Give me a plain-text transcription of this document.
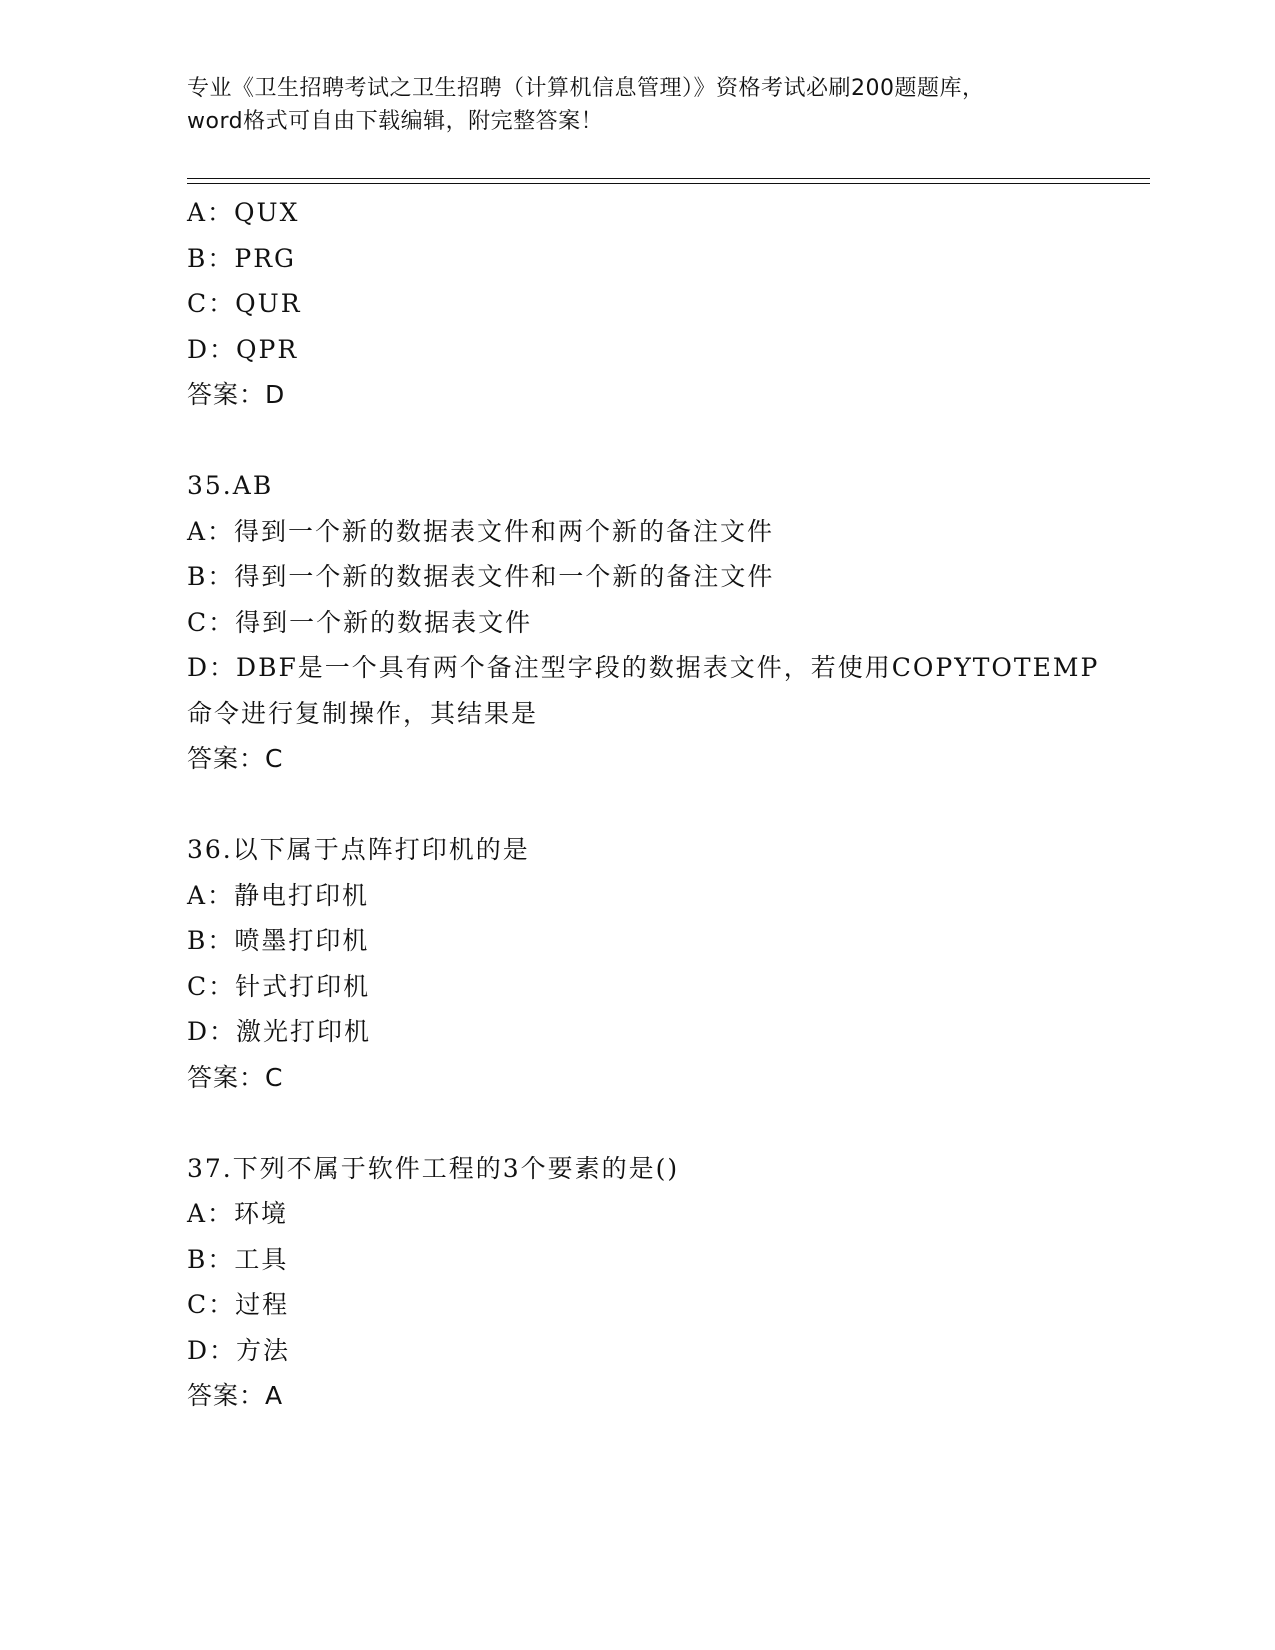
专业《卫生招聘考试之卫生招聘（计算机信息管理）》资格考试必刷200题题库，
word格式可自由下载编辑，附完整答案！
A：QUX
B：PRG
C：QUR
D：QPR
答案：D
35.AB
A：得到一个新的数据表文件和两个新的备注文件
B：得到一个新的数据表文件和一个新的备注文件
C：得到一个新的数据表文件
D：DBF是一个具有两个备注型字段的数据表文件，若使用COPYTOTEMP
命令进行复制操作，其结果是
答案：C
36.以下属于点阵打印机的是
A：静电打印机
B：喷墨打印机
C：针式打印机
D：激光打印机
答案：C
37.下列不属于软件工程的3个要素的是()
A：环境
B：工具
C：过程
D：方法
答案：A
